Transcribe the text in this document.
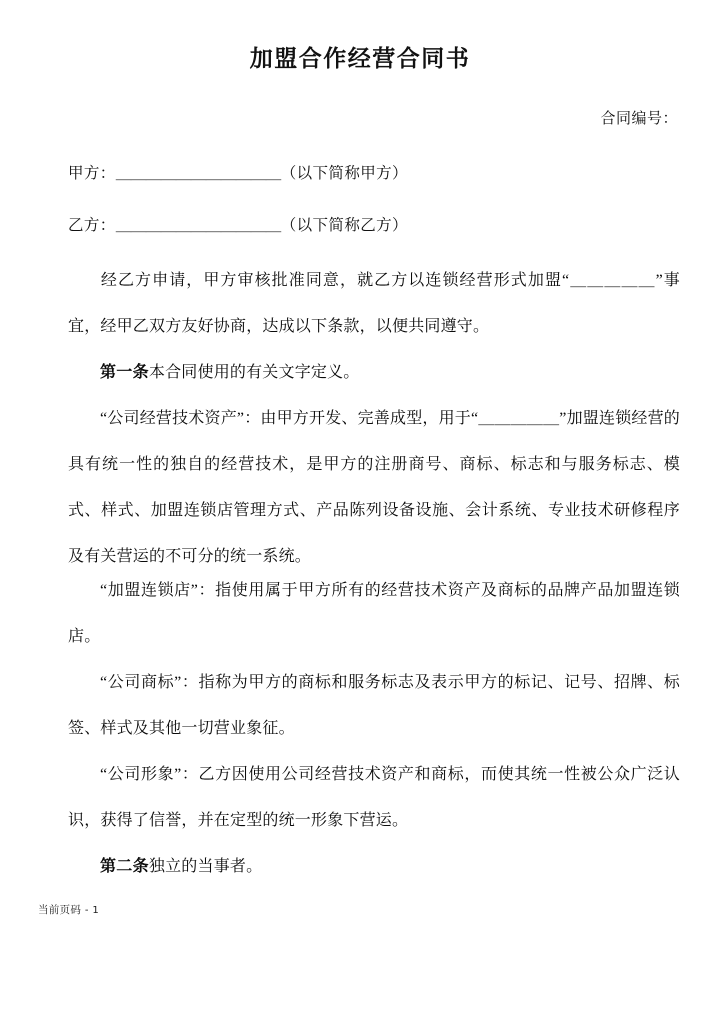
加盟合作经营合同书
合同编号：
甲方：＿＿＿＿＿＿＿＿＿＿＿（以下简称甲方）
乙方：＿＿＿＿＿＿＿＿＿＿＿（以下简称乙方）
经乙方申请，甲方审核批准同意，就乙方以连锁经营形式加盟“＿＿＿＿＿”事宜，经甲乙双方友好协商，达成以下条款，以便共同遵守。
第一条本合同使用的有关文字定义。
“公司经营技术资产”：由甲方开发、完善成型，用于“＿＿＿＿＿”加盟连锁经营的具有统一性的独自的经营技术，是甲方的注册商号、商标、标志和与服务标志、模式、样式、加盟连锁店管理方式、产品陈列设备设施、会计系统、专业技术研修程序及有关营运的不可分的统一系统。
“加盟连锁店”：指使用属于甲方所有的经营技术资产及商标的品牌产品加盟连锁店。
“公司商标”：指称为甲方的商标和服务标志及表示甲方的标记、记号、招牌、标签、样式及其他一切营业象征。
“公司形象”：乙方因使用公司经营技术资产和商标，而使其统一性被公众广泛认识，获得了信誉，并在定型的统一形象下营运。
第二条独立的当事者。
当前页码 - 1
